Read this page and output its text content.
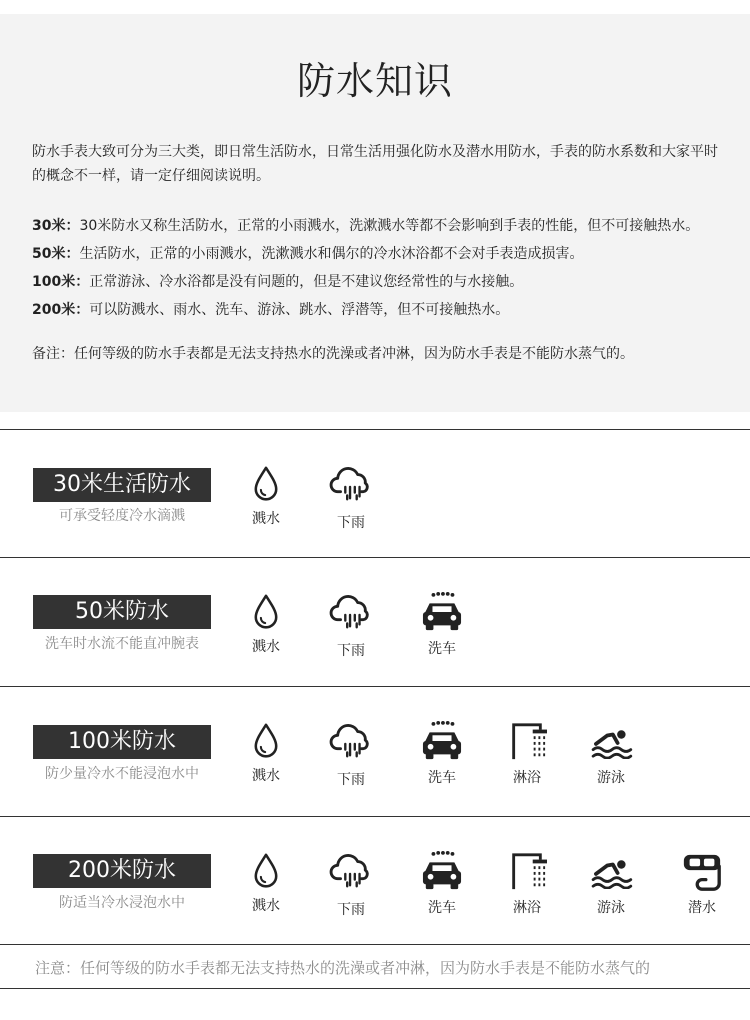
防水知识

防水手表大致可分为三大类，即日常生活防水，日常生活用强化防水及潜水用防水，手表的防水系数和大家平时的概念不一样，请一定仔细阅读说明。

30米：30米防水又称生活防水，正常的小雨溅水，洗漱溅水等都不会影响到手表的性能，但不可接触热水。
50米：生活防水，正常的小雨溅水，洗漱溅水和偶尔的冷水沐浴都不会对手表造成损害。
100米：正常游泳、冷水浴都是没有问题的，但是不建议您经常性的与水接触。
200米：可以防溅水、雨水、洗车、游泳、跳水、浮潜等，但不可接触热水。
备注：任何等级的防水手表都是无法支持热水的洗澡或者冲淋，因为防水手表是不能防水蒸气的。
30米生活防水
可承受轻度冷水滴溅	溅水	下雨
50米防水
洗车时水流不能直冲腕表	溅水	下雨	洗车
100米防水
防少量冷水不能浸泡水中	溅水	下雨	洗车	淋浴	游泳
200米防水
防适当冷水浸泡水中	溅水	下雨	洗车	淋浴	游泳	潜水
注意：任何等级的防水手表都无法支持热水的洗澡或者冲淋，因为防水手表是不能防水蒸气的
